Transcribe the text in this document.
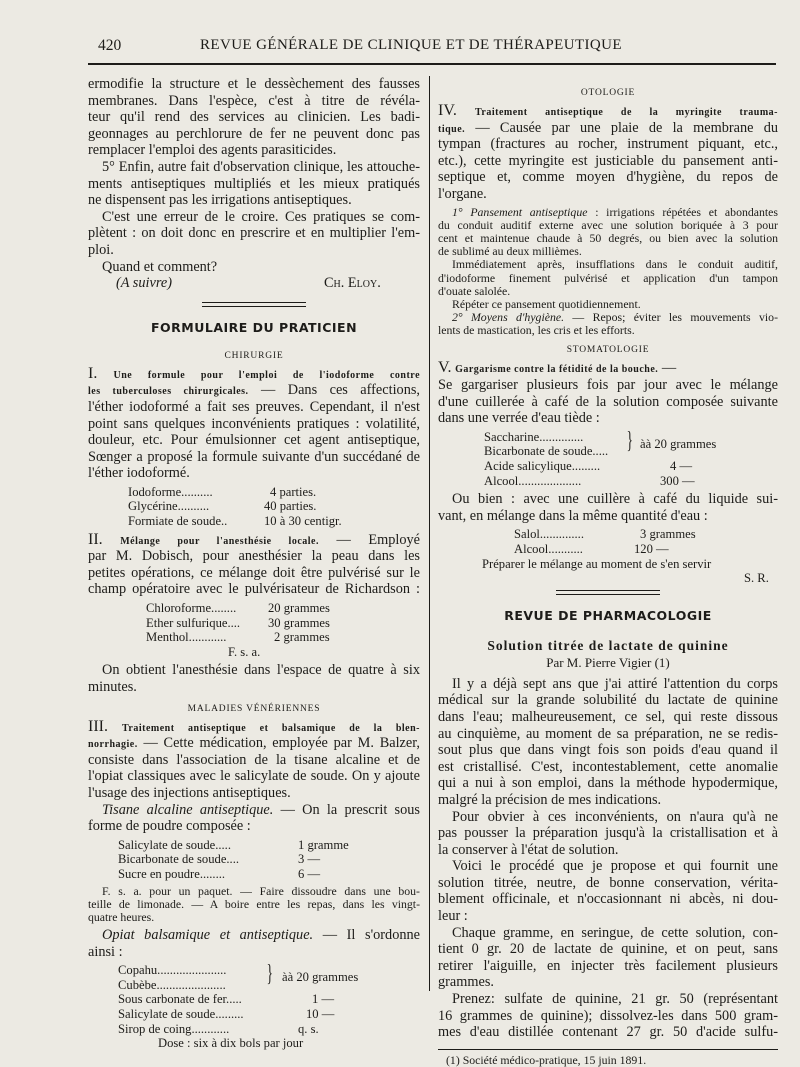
420	REVUE GÉNÉRALE DE CLINIQUE ET DE THÉRAPEUTIQUE
ermodifie la structure et le dessèchement des fausses
membranes. Dans l'espèce, c'est à titre de révéla-
teur qu'il rend des services au clinicien. Les badi-
geonnages au perchlorure de fer ne peuvent donc pas
remplacer l'emploi des agents parasiticides.
5° Enfin, autre fait d'observation clinique, les attouche-
ments antiseptiques multipliés et les mieux pratiqués
ne dispensent pas les irrigations antiseptiques.
C'est une erreur de le croire. Ces pratiques se com-
plètent : on doit donc en prescrire et en multiplier l'em-
ploi.
Quand et comment?
(A suivre)	Ch. Eloy.
FORMULAIRE DU PRATICIEN
CHIRURGIE
I. Une formule pour l'emploi de l'iodoforme contre
les tuberculoses chirurgicales. — Dans ces affections,
l'éther iodoformé a fait ses preuves. Cependant, il n'est
point sans quelques inconvénients pratiques : volatilité,
douleur, etc. Pour émulsionner cet agent antiseptique,
Sœnger a proposé la formule suivante d'un succédané de
l'éther iodoformé.
Iodoforme..........	4 parties.
Glycérine..........	40 parties.
Formiate de soude..	10 à 30 centigr.
II. Mélange pour l'anesthésie locale. — Employé
par M. Dobisch, pour anesthésier la peau dans les
petites opérations, ce mélange doit être pulvérisé sur le
champ opératoire avec le pulvérisateur de Richardson :
Chloroforme........	20 grammes
Ether sulfurique.... 30 grammes
Menthol............	2 grammes
F. s. a.
On obtient l'anesthésie dans l'espace de quatre à six
minutes.
MALADIES VÉNÉRIENNES
III. Traitement antiseptique et balsamique de la blen-
norrhagie. — Cette médication, employée par M. Balzer,
consiste dans l'association de la tisane alcaline et de
l'opiat classiques avec le salicylate de soude. On y ajoute
l'usage des injections antiseptiques.
Tisane alcaline antiseptique. — On la prescrit sous
forme de poudre composée :
Salicylate de soude.....	1 gramme
Bicarbonate de soude....	3 —
Sucre en poudre........	6 —
F. s. a. pour un paquet. — Faire dissoudre dans une bou-
teille de limonade. — A boire entre les repas, dans les vingt-
quatre heures.
Opiat balsamique et antiseptique. — Il s'ordonne
ainsi :
Copahu...................... } àà 20 grammes
Cubèbe......................
Sous carbonate de fer.....	1 —
Salicylate de soude.........	10 —
Sirop de coing............	q. s.
Dose : six à dix bols par jour
OTOLOGIE
IV. Traitement antiseptique de la myringite trauma-
tique. — Causée par une plaie de la membrane du
tympan (fractures au rocher, instrument piquant, etc.,
etc.), cette myringite est justiciable du pansement anti-
septique et, comme moyen d'hygiène, du repos de
l'organe.
1° Pansement antiseptique : irrigations répétées et abondantes
du conduit auditif externe avec une solution boriquée à 3 pour
cent et maintenue chaude à 50 degrés, ou bien avec la solution
de sublimé au deux millièmes.
Immédiatement après, insufflations dans le conduit auditif,
d'iodoforme finement pulvérisé et application d'un tampon
d'ouate salolée.
Répéter ce pansement quotidiennement.
2° Moyens d'hygiène. — Repos; éviter les mouvements vio-
lents de mastication, les cris et les efforts.
STOMATOLOGIE
V. Gargarisme contre la fétidité de la bouche. —
Se gargariser plusieurs fois par jour avec le mélange
d'une cuillerée à café de la solution composée suivante
dans une verrée d'eau tiède :
Saccharine.............. } àà 20 grammes
Bicarbonate de soude.....
Acide salicylique.........	4 —
Alcool....................	300 —
Ou bien : avec une cuillère à café du liquide sui-
vant, en mélange dans la même quantité d'eau :
Salol..............	3 grammes
Alcool...........	120 —
Préparer le mélange au moment de s'en servir
S. R.
REVUE DE PHARMACOLOGIE
Solution titrée de lactate de quinine
Par M. Pierre Vigier (1)
Il y a déjà sept ans que j'ai attiré l'attention du corps
médical sur la grande solubilité du lactate de quinine
dans l'eau; malheureusement, ce sel, qui reste dissous
au cinquième, au moment de sa préparation, ne se redis-
sout plus que dans vingt fois son poids d'eau quand il
est cristallisé. C'est, incontestablement, cette anomalie
qui a nui à son emploi, dans la méthode hypodermique,
malgré la précision de mes indications.
Pour obvier à ces inconvénients, on n'aura qu'à ne
pas pousser la préparation jusqu'à la cristallisation et à
la conserver à l'état de solution.
Voici le procédé que je propose et qui fournit une
solution titrée, neutre, de bonne conservation, vérita-
blement officinale, et n'occasionnant ni abcès, ni dou-
leur :
Chaque gramme, en seringue, de cette solution, con-
tient 0 gr. 20 de lactate de quinine, et on peut, sans
retirer l'aiguille, en injecter très facilement plusieurs
grammes.
Prenez: sulfate de quinine, 21 gr. 50 (représentant
16 grammes de quinine); dissolvez-les dans 500 gram-
mes d'eau distillée contenant 27 gr. 50 d'acide sulfu-
(1) Société médico-pratique, 15 juin 1891.
